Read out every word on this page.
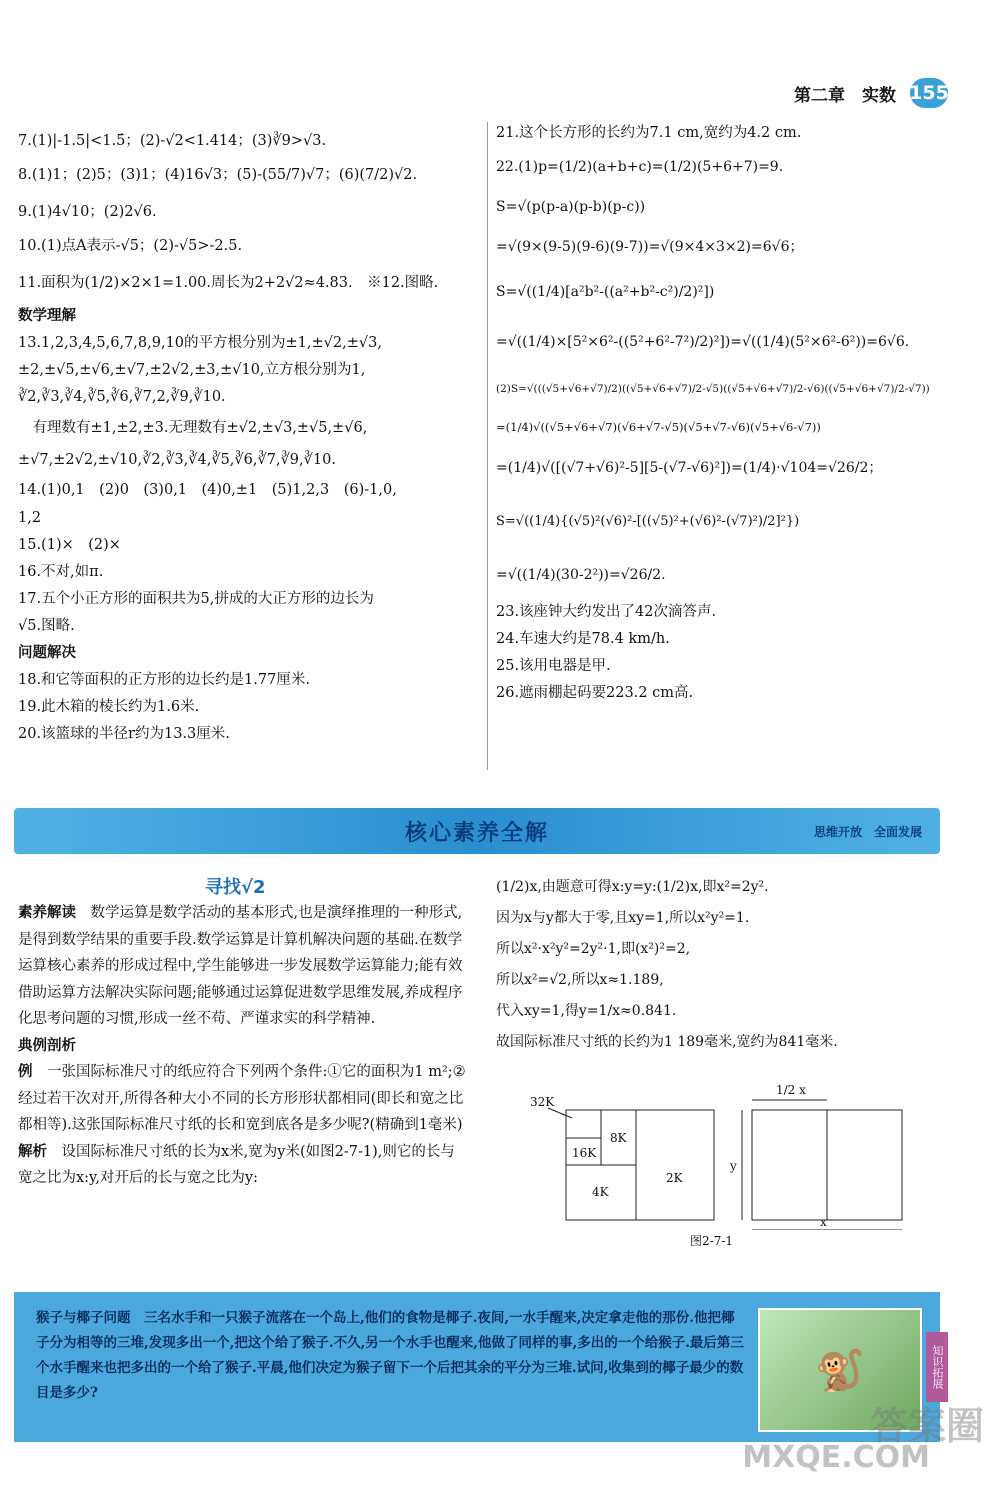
第二章　实数 155
7.(1)|-1.5|<1.5̇；(2)-√2<1.414；(3)∛9>√3.
8.(1)1；(2)5；(3)1；(4)16√3；(5)-(55/7)√7；(6)(7/2)√2.
9.(1)4√10；(2)2√6.
10.(1)点A表示-√5；(2)-√5>-2.5.
11.面积为(1/2)×2×1=1.00.周长为2+2√2≈4.83.　※12.图略.
数学理解
13.1,2,3,4,5,6,7,8,9,10的平方根分别为±1,±√2,±√3,
±2,±√5,±√6,±√7,±2√2,±3,±√10,立方根分别为1,
∛2,∛3,∛4,∛5,∛6,∛7,2,∛9,∛10.
　有理数有±1,±2,±3.无理数有±√2,±√3,±√5,±√6,
±√7,±2√2,±√10,∛2,∛3,∛4,∛5,∛6,∛7,∛9,∛10.
14.(1)0,1　(2)0　(3)0,1　(4)0,±1　(5)1,2,3　(6)-1,0,
1,2
15.(1)×　(2)×
16.不对,如π.
17.五个小正方形的面积共为5,拼成的大正方形的边长为
√5.图略.
问题解决
18.和它等面积的正方形的边长约是1.77厘米.
19.此木箱的棱长约为1.6米.
20.该篮球的半径r约为13.3厘米.
21.这个长方形的长约为7.1 cm,宽约为4.2 cm.
22.(1)p=(1/2)(a+b+c)=(1/2)(5+6+7)=9.
S=√(p(p-a)(p-b)(p-c))
=√(9×(9-5)(9-6)(9-7))=√(9×4×3×2)=6√6；
S=√((1/4)[a²b²-((a²+b²-c²)/2)²])
=√((1/4)×[5²×6²-((5²+6²-7²)/2)²])=√((1/4)(5²×6²-6²))=6√6.
(2)S=√(((√5+√6+√7)/2)((√5+√6+√7)/2-√5)((√5+√6+√7)/2-√6)((√5+√6+√7)/2-√7))
=(1/4)√((√5+√6+√7)(√6+√7-√5)(√5+√7-√6)(√5+√6-√7))
=(1/4)√([(√7+√6)²-5][5-(√7-√6)²])=(1/4)·√104=√26/2；
S=√((1/4){(√5)²(√6)²-[((√5)²+(√6)²-(√7)²)/2]²})
=√((1/4)(30-2²))=√26/2.
23.该座钟大约发出了42次滴答声.
24.车速大约是78.4 km/h.
25.该用电器是甲.
26.遮雨棚起码要223.2 cm高.
核心素养全解	思维开放　全面发展
寻找√2
素养解读　数学运算是数学活动的基本形式,也是演绎推理的一种形式,是得到数学结果的重要手段.数学运算是计算机解决问题的基础.在数学运算核心素养的形成过程中,学生能够进一步发展数学运算能力;能有效借助运算方法解决实际问题;能够通过运算促进数学思维发展,养成程序化思考问题的习惯,形成一丝不苟、严谨求实的科学精神.
典例剖析
例　一张国际标准尺寸的纸应符合下列两个条件:①它的面积为1 m²;②经过若干次对开,所得各种大小不同的长方形形状都相同(即长和宽之比都相等).这张国际标准尺寸纸的长和宽到底各是多少呢?(精确到1毫米)
解析　设国际标准尺寸纸的长为x米,宽为y米(如图2-7-1),则它的长与宽之比为x:y,对开后的长与宽之比为y:
(1/2)x,由题意可得x:y=y:(1/2)x,即x²=2y².
因为x与y都大于零,且xy=1,所以x²y²=1.
所以x²·x²y²=2y²·1,即(x²)²=2,
所以x²=√2,所以x≈1.189,
代入xy=1,得y=1/x≈0.841.
故国际标准尺寸纸的长约为1 189毫米,宽约为841毫米.
32K
16K
8K
4K
2K
1/2 x
y
x
图2-7-1
猴子与椰子问题　三名水手和一只猴子流落在一个岛上,他们的食物是椰子.夜间,一水手醒来,决定拿走他的那份.他把椰子分为相等的三堆,发现多出一个,把这个给了猴子.不久,另一个水手也醒来,他做了同样的事,多出的一个给猴子.最后第三个水手醒来也把多出的一个给了猴子.平晨,他们决定为猴子留下一个后把其余的平分为三堆.试问,收集到的椰子最少的数目是多少?	🐒	知识拓展
答案圈
MXQE.COM
